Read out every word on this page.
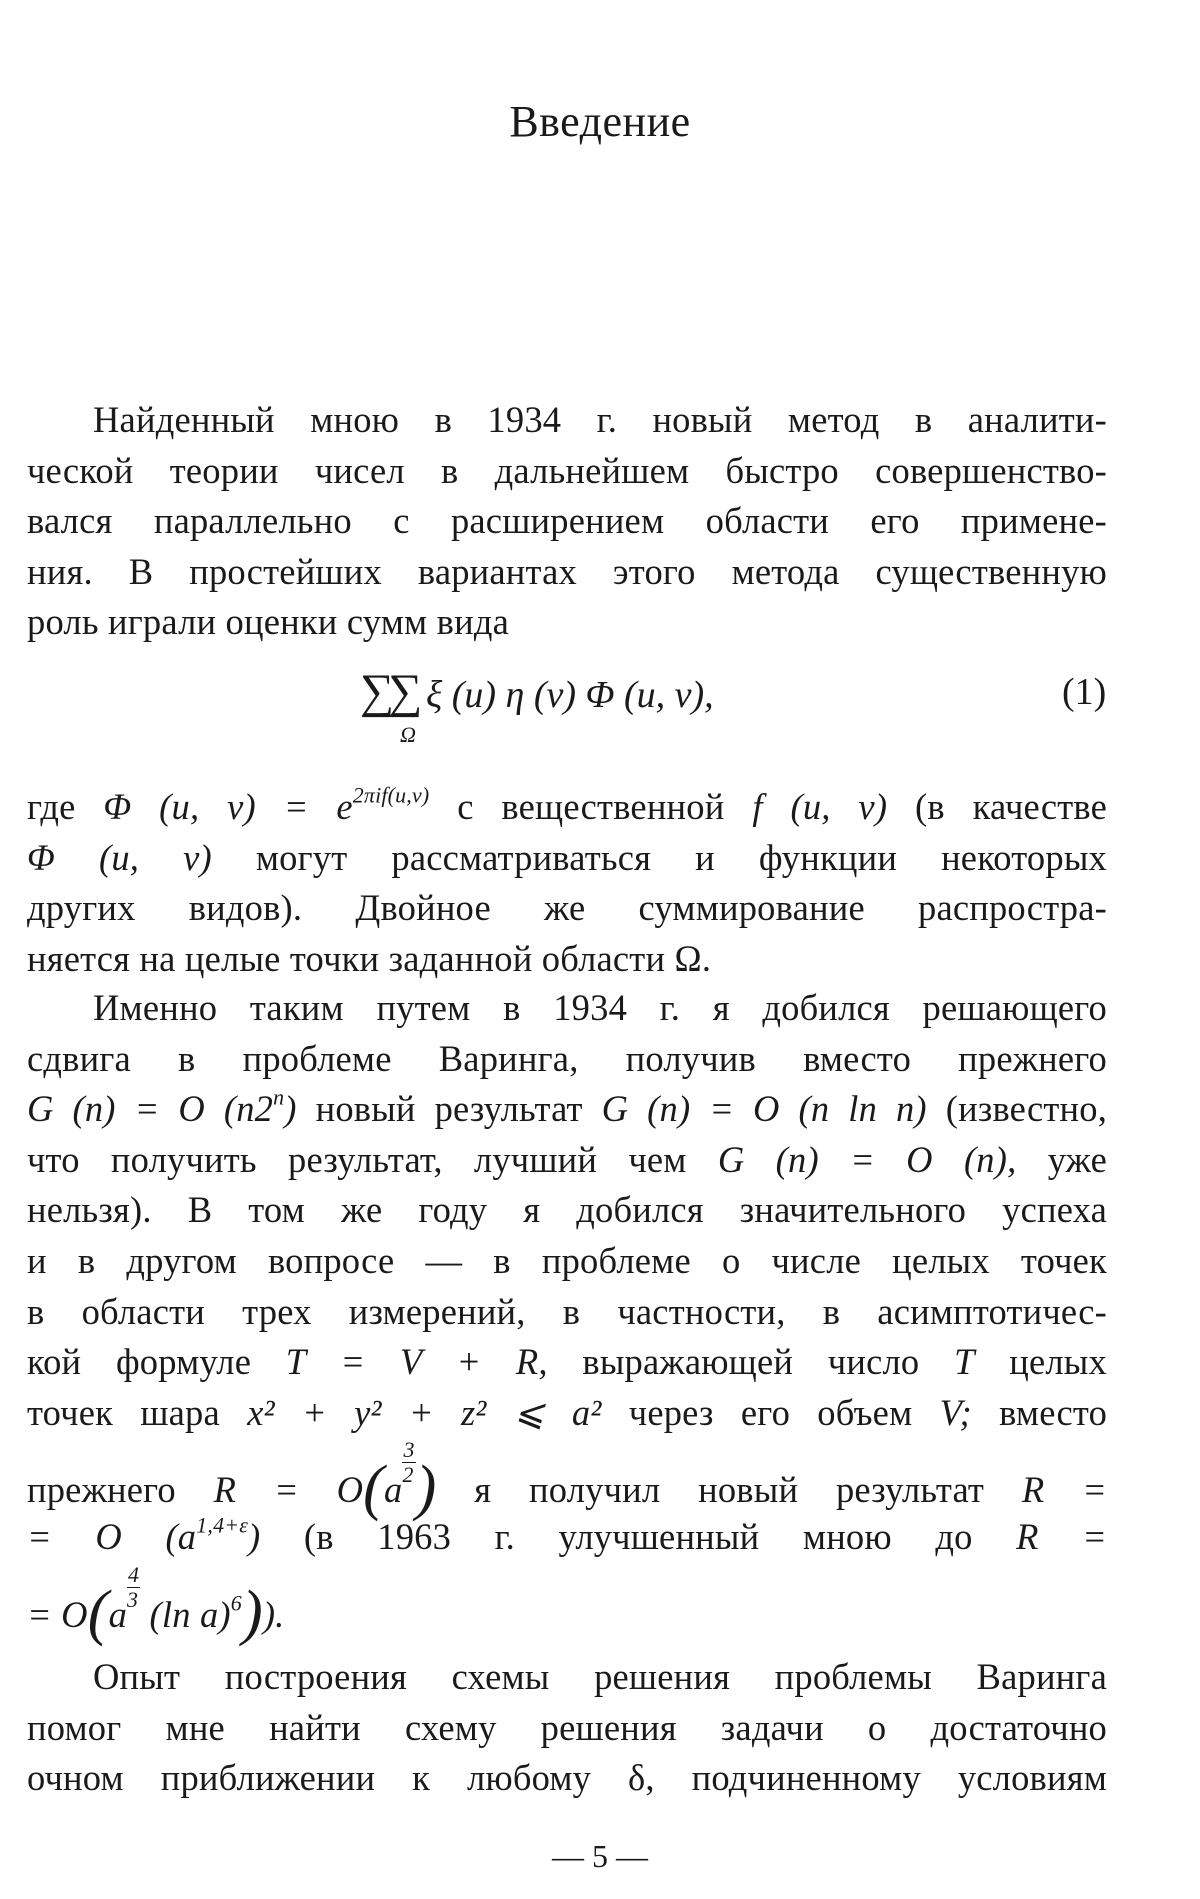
Введение
Найденный мною в 1934 г. новый метод в аналити-
ческой теории чисел в дальнейшем быстро совершенство-
вался параллельно с расширением области его примене-
ния. В простейших вариантах этого метода существенную
роль играли оценки сумм вида
∑∑ ξ (u) η (v) Φ (u, v),
Ω
(1)
где Φ (u, $v) = e^{2\pi if(u,v)}$ с вещественной f (u, v) (в качестве
Φ (u, v) могут рассматриваться и функции некоторых
других видов). Двойное же суммирование распростра-
няется на целые точки заданной области Ω.
Именно таким путем в 1934 г. я добился решающего
сдвига в проблеме Варинга, получив вместо прежнего
G (n) = O (n2$^n$) новый результат G (n) = O (n ln n) (известно,
что получить результат, лучший чем G (n) = O (n), уже
нельзя). В том же году я добился значительного успеха
и в другом вопросе — в проблеме о числе целых точек
в области трех измерений, в частности, в асимптотичес-
кой формуле T = V + R, выражающей число T целых
точек шара x² + y² + z² ⩽ a² через его объем V; вместо
прежнего R = O(a
$\frac{3}{2}$ ) я получил новый результат R =
= O $(a^{1,4+\varepsilon})$ (в 1963 г. улучшенный мною до R =
= O(a
$\frac{4}{3}$
(ln a)$^6$)).
Опыт построения схемы решения проблемы Варинга
помог мне найти схему решения задачи о достаточно
очном приближении к любому δ, подчиненному условиям
— 5 —
